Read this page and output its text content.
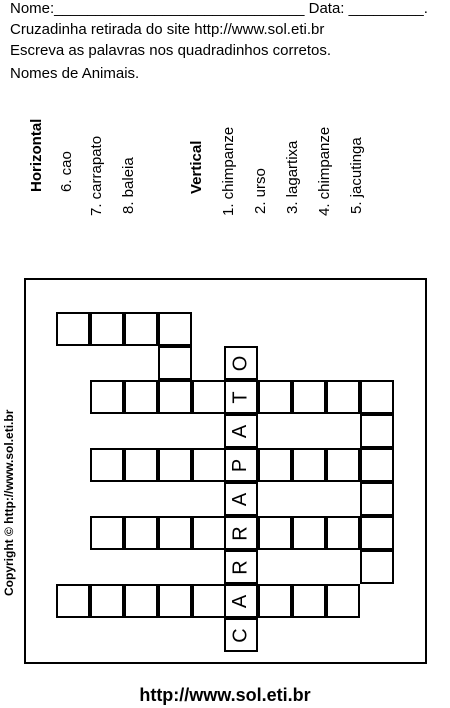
Nome:______________________________ Data: _________.
Cruzadinha retirada do site http://www.sol.eti.br
Escreva as palavras nos quadradinhos corretos.
Nomes de Animais.
Horizontal 6. cao 7. carrapato 8. baleia	Vertical 1. chimpanze 2. urso 3. lagartixa 4. chimpanze 5. jacutinga
C
A
R
R
A
P
A
T
O
Copyright © http://www.sol.eti.br
http://www.sol.eti.br
